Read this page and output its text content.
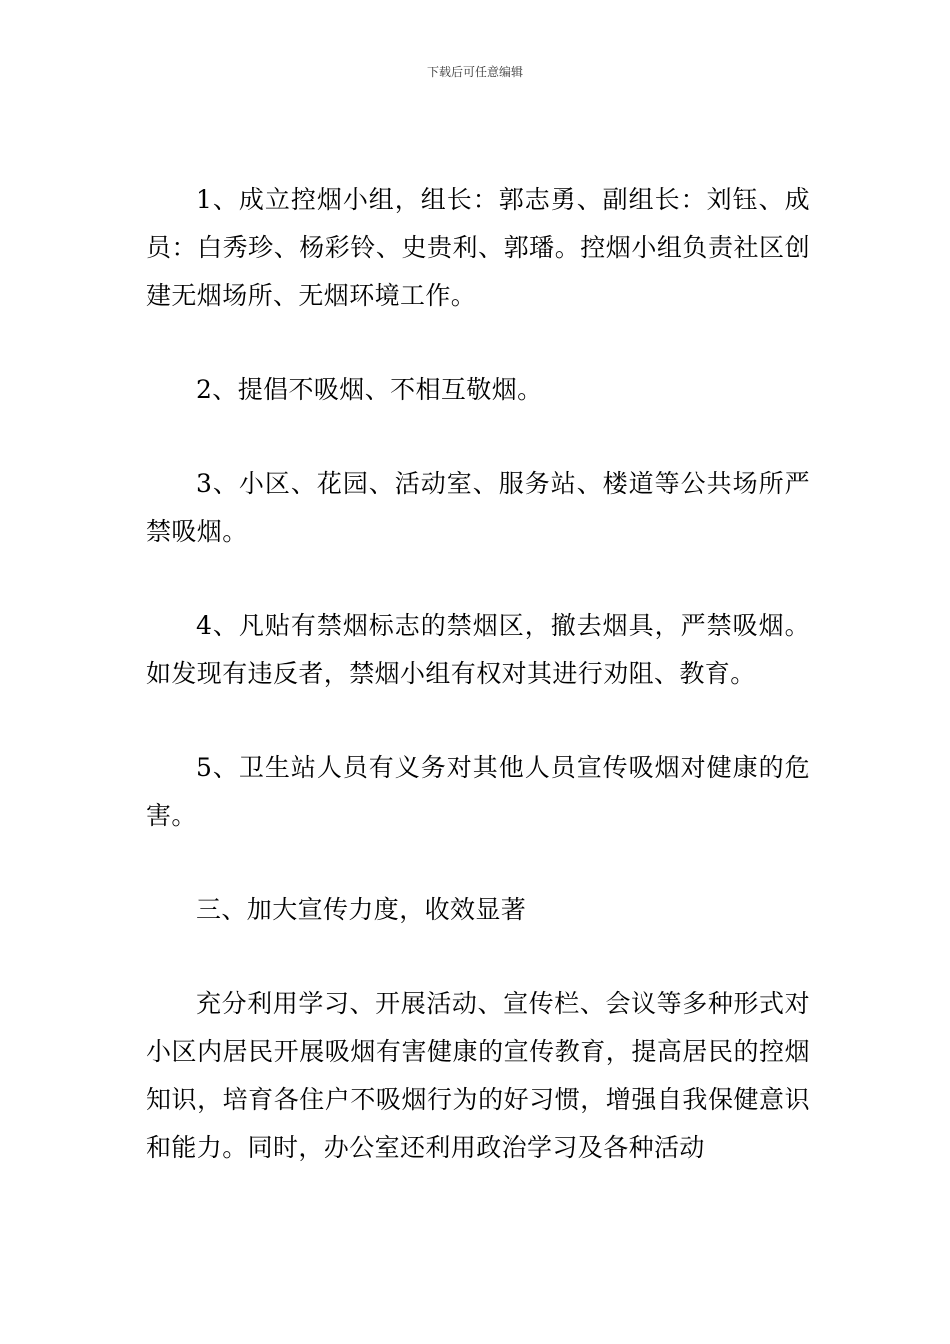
下载后可任意编辑

1、成立控烟小组，组长：郭志勇、副组长：刘钰、成员：白秀珍、杨彩铃、史贵利、郭璠。控烟小组负责社区创建无烟场所、无烟环境工作。

2、提倡不吸烟、不相互敬烟。

3、小区、花园、活动室、服务站、楼道等公共场所严禁吸烟。

4、凡贴有禁烟标志的禁烟区，撤去烟具，严禁吸烟。如发现有违反者，禁烟小组有权对其进行劝阻、教育。

5、卫生站人员有义务对其他人员宣传吸烟对健康的危害。

三、加大宣传力度，收效显著

充分利用学习、开展活动、宣传栏、会议等多种形式对小区内居民开展吸烟有害健康的宣传教育，提高居民的控烟知识，培育各住户不吸烟行为的好习惯，增强自我保健意识和能力。同时，办公室还利用政治学习及各种活动
